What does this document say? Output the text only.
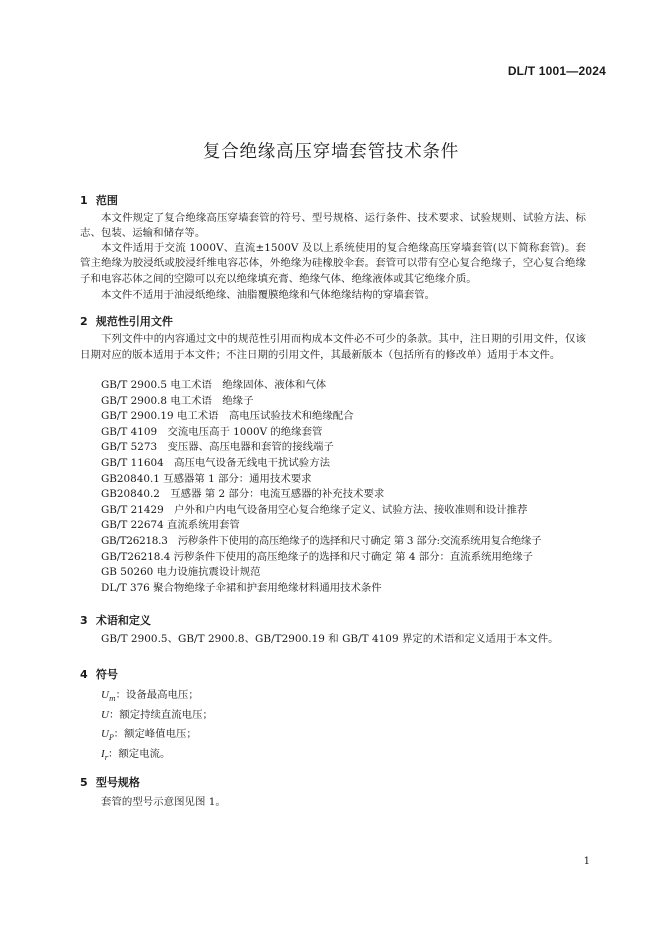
DL/T 1001—2024
复合绝缘高压穿墙套管技术条件
1 范围
本文件规定了复合绝缘高压穿墙套管的符号、型号规格、运行条件、技术要求、试验规则、试验方法、标志、包装、运输和储存等。
本文件适用于交流 1000V、直流±1500V 及以上系统使用的复合绝缘高压穿墙套管(以下简称套管)。套管主绝缘为胶浸纸或胶浸纤维电容芯体，外绝缘为硅橡胶伞套。套管可以带有空心复合绝缘子，空心复合绝缘子和电容芯体之间的空隙可以充以绝缘填充膏、绝缘气体、绝缘液体或其它绝缘介质。
本文件不适用于油浸纸绝缘、油脂覆膜绝缘和气体绝缘结构的穿墙套管。
2 规范性引用文件
下列文件中的内容通过文中的规范性引用而构成本文件必不可少的条款。其中，注日期的引用文件，仅该日期对应的版本适用于本文件；不注日期的引用文件，其最新版本（包括所有的修改单）适用于本文件。
GB/T 2900.5 电工术语　绝缘固体、液体和气体
GB/T 2900.8 电工术语　绝缘子
GB/T 2900.19 电工术语　高电压试验技术和绝缘配合
GB/T 4109　交流电压高于 1000V 的绝缘套管
GB/T 5273　变压器、高压电器和套管的接线端子
GB/T 11604　高压电气设备无线电干扰试验方法
GB20840.1 互感器第 1 部分：通用技术要求
GB20840.2　互感器 第 2 部分：电流互感器的补充技术要求
GB/T 21429　户外和户内电气设备用空心复合绝缘子定义、试验方法、接收准则和设计推荐
GB/T 22674 直流系统用套管
GB/T26218.3　污秽条件下使用的高压绝缘子的选择和尺寸确定 第 3 部分:交流系统用复合绝缘子
GB/T26218.4 污秽条件下使用的高压绝缘子的选择和尺寸确定 第 4 部分：直流系统用绝缘子
GB 50260 电力设施抗震设计规范
DL/T 376 聚合物绝缘子伞裙和护套用绝缘材料通用技术条件
3 术语和定义
GB/T 2900.5、GB/T 2900.8、GB/T2900.19 和 GB/T 4109 界定的术语和定义适用于本文件。
4 符号
$U_m$：设备最高电压；
U：额定持续直流电压；
$U_P$：额定峰值电压；
$I_r$：额定电流。
5 型号规格
套管的型号示意图见图 1。
1
